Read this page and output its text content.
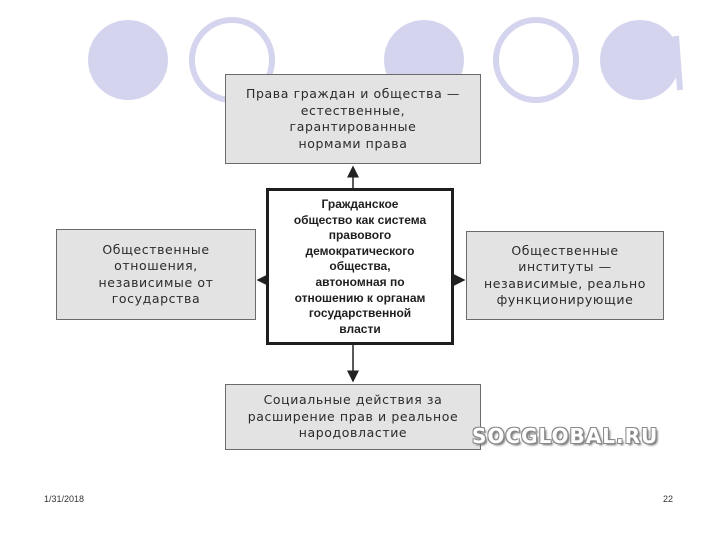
Права граждан и общества —
естественные,
гарантированные
нормами права
Гражданское
общество как система
правового
демократического
общества,
автономная по
отношению к органам
государственной
власти
Общественные
отношения,
независимые от
государства
Общественные
институты —
независимые, реально
функционирующие
Социальные действия за
расширение прав и реальное
народовластие	SOCGLOBAL.RU
1/31/2018	22
